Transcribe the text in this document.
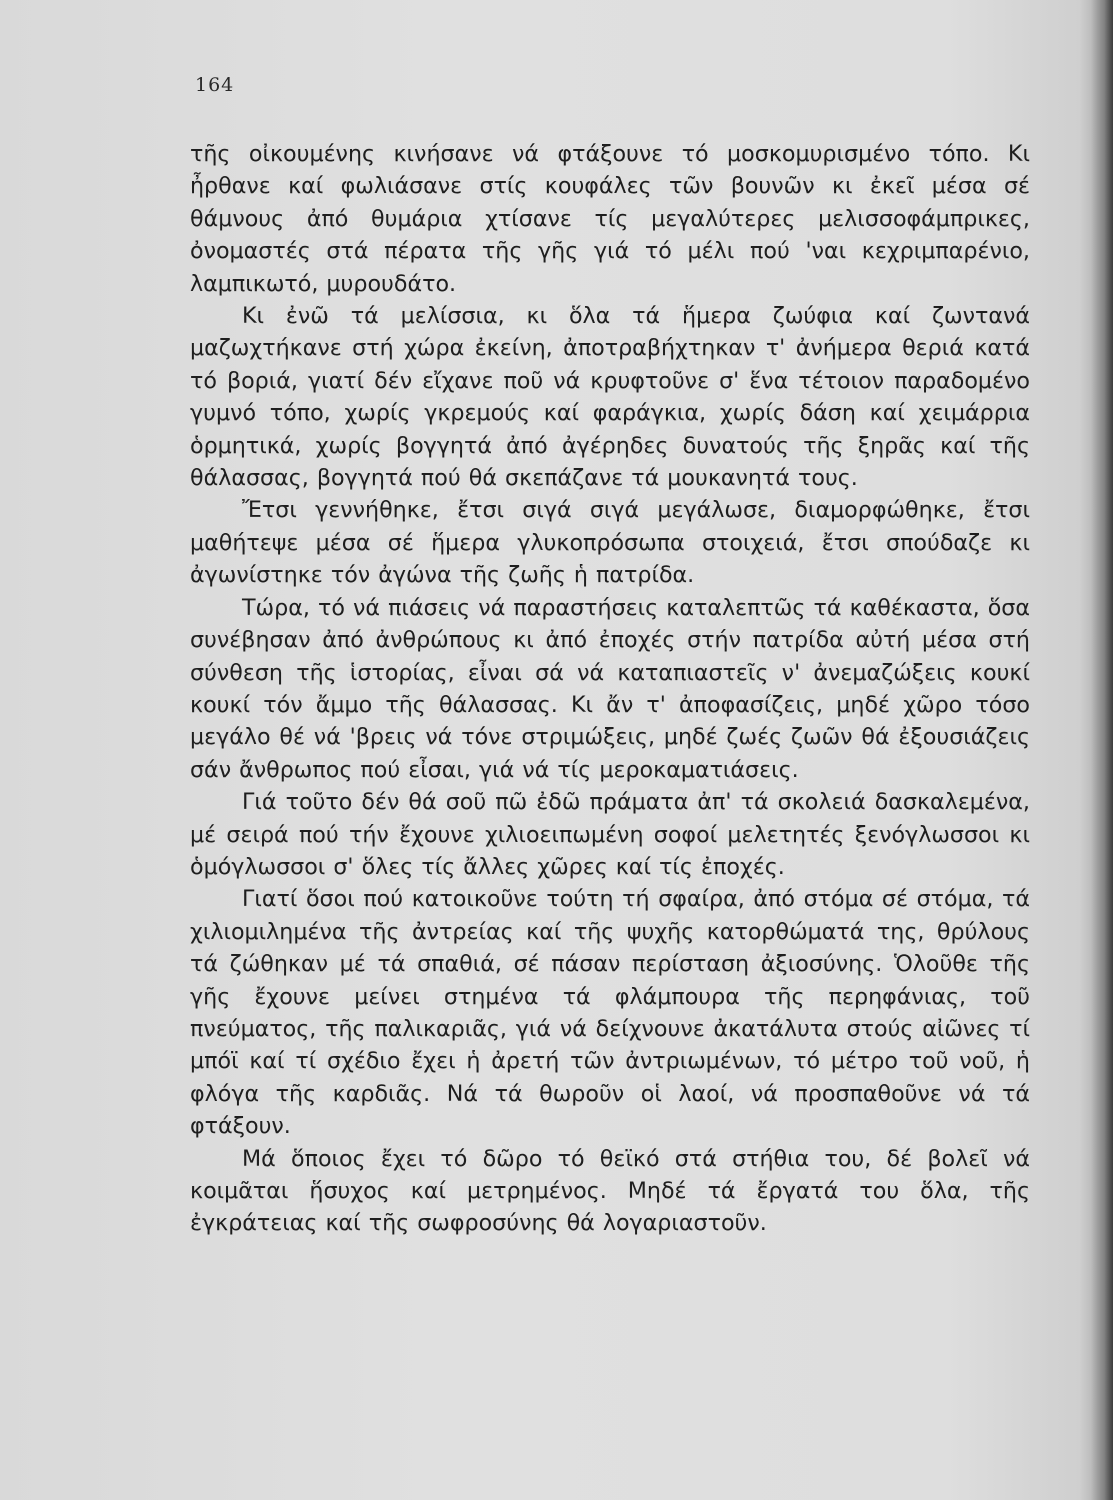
164

τῆς οἰκουμένης κινήσανε νά φτάξουνε τό μοσκομυρισμένο τόπο. Κι ἦρθανε καί φωλιάσανε στίς κουφάλες τῶν βουνῶν κι ἐκεῖ μέσα σέ θάμνους ἀπό θυμάρια χτίσανε τίς μεγαλύτερες μελισσοφάμπρικες, ὀνομαστές στά πέρατα τῆς γῆς γιά τό μέλι πού 'ναι κεχριμπαρένιο, λαμπικωτό, μυρουδάτο.

Κι ἐνῶ τά μελίσσια, κι ὅλα τά ἥμερα ζωύφια καί ζωντανά μαζωχτήκανε στή χώρα ἐκείνη, ἀποτραβήχτηκαν τ' ἀνήμερα θεριά κατά τό βοριά, γιατί δέν εἴχανε ποῦ νά κρυφτοῦνε σ' ἕνα τέτοιον παραδομένο γυμνό τόπο, χωρίς γκρεμούς καί φαράγκια, χωρίς δάση καί χειμάρρια ὁρμητικά, χωρίς βογγητά ἀπό ἀγέρηδες δυνατούς τῆς ξηρᾶς καί τῆς θάλασσας, βογγητά πού θά σκεπάζανε τά μουκανητά τους.

Ἔτσι γεννήθηκε, ἔτσι σιγά σιγά μεγάλωσε, διαμορφώθηκε, ἔτσι μαθήτεψε μέσα σέ ἥμερα γλυκοπρόσωπα στοιχειά, ἔτσι σπούδαζε κι ἀγωνίστηκε τόν ἀγώνα τῆς ζωῆς ἡ πατρίδα.

Τώρα, τό νά πιάσεις νά παραστήσεις καταλεπτῶς τά καθέκαστα, ὅσα συνέβησαν ἀπό ἀνθρώπους κι ἀπό ἐποχές στήν πατρίδα αὐτή μέσα στή σύνθεση τῆς ἱστορίας, εἶναι σά νά καταπιαστεῖς ν' ἀνεμαζώξεις κουκί κουκί τόν ἄμμο τῆς θάλασσας. Κι ἄν τ' ἀποφασίζεις, μηδέ χῶρο τόσο μεγάλο θέ νά 'βρεις νά τόνε στριμώξεις, μηδέ ζωές ζωῶν θά ἐξουσιάζεις σάν ἄνθρωπος πού εἶσαι, γιά νά τίς μεροκαματιάσεις.

Γιά τοῦτο δέν θά σοῦ πῶ ἐδῶ πράματα ἀπ' τά σκολειά δασκαλεμένα, μέ σειρά πού τήν ἔχουνε χιλιοειπωμένη σοφοί μελετητές ξενόγλωσσοι κι ὁμόγλωσσοι σ' ὅλες τίς ἄλλες χῶρες καί τίς ἐποχές.

Γιατί ὅσοι πού κατοικοῦνε τούτη τή σφαίρα, ἀπό στόμα σέ στόμα, τά χιλιομιλημένα τῆς ἀντρείας καί τῆς ψυχῆς κατορθώματά της, θρύλους τά ζώθηκαν μέ τά σπαθιά, σέ πάσαν περίσταση ἀξιοσύνης. Ὁλοῦθε τῆς γῆς ἔχουνε μείνει στημένα τά φλάμπουρα τῆς περηφάνιας, τοῦ πνεύματος, τῆς παλικαριᾶς, γιά νά δείχνουνε ἀκατάλυτα στούς αἰῶνες τί μπόϊ καί τί σχέδιο ἔχει ἡ ἀρετή τῶν ἀντριωμένων, τό μέτρο τοῦ νοῦ, ἡ φλόγα τῆς καρδιᾶς. Νά τά θωροῦν οἱ λαοί, νά προσπαθοῦνε νά τά φτάξουν.

Μά ὅποιος ἔχει τό δῶρο τό θεϊκό στά στήθια του, δέ βολεῖ νά κοιμᾶται ἥσυχος καί μετρημένος. Μηδέ τά ἔργατά του ὅλα, τῆς ἐγκράτειας καί τῆς σωφροσύνης θά λογαριαστοῦν.
